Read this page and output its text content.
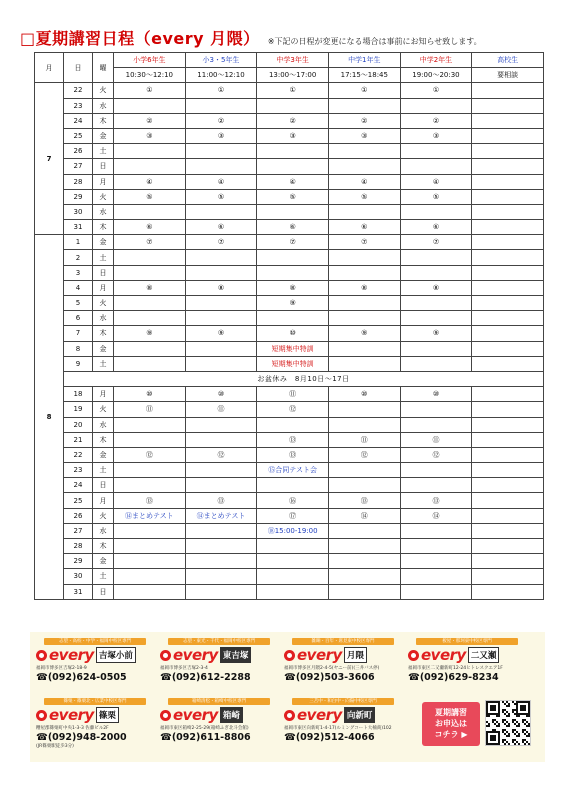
□夏期講習日程（every 月隈） ※下記の日程が変更になる場合は事前にお知らせ致します。
月	日	曜	小学6年生	小3・5年生	中学3年生	中学1年生	中学2年生	高校生
			10:30〜12:10	11:00〜12:10	13:00〜17:00	17:15〜18:45	19:00〜20:30	要相談
7	22	火	①	①	①	①	①	
	23	水						
	24	木	②	②	②	②	②	
	25	金	③	③	③	③	③	
	26	土						
	27	日						
	28	月	④	④	④	④	④	
	29	火	⑤	⑤	⑤	⑤	⑤	
	30	水						
	31	木	⑥	⑥	⑥	⑥	⑥	
8	1	金	⑦	⑦	⑦	⑦	⑦	
	2	土						
	3	日						
	4	月	⑧	⑧	⑧	⑧	⑧	
	5	火			⑨			
	6	水						
	7	木	⑨	⑨	⑩	⑨	⑨	
	8	金			短期集中特訓			
	9	土			短期集中特訓			
	お盆休み　8月10日〜17日							
	18	月	⑩	⑩	⑪	⑩	⑩	
	19	火	⑪	⑪	⑫			
	20	水						
	21	木			⑬	⑪	⑪	
	22	金	⑫	⑫	⑬	⑫	⑫	
	23	土			⑮合同テスト会			
	24	日						
	25	月	⑬	⑬	⑯	⑬	⑬	
	26	火	⑭まとめテスト	⑭まとめテスト	⑰	⑭	⑭	
	27	水			⑱15:00-19:00			
	28	木						
	29	金						
	30	土						
	31	日						
志望・高校・中学・福岡中校区専門
every 吉塚小前
福岡市博多区吉塚2-18-9
☎(092)624-0505
志望・東光・千代・福岡中校区専門
every 東吉塚
福岡市博多区吉塚2-3-4
☎(092)612-2288
雑餉・百年・席見東中校区専門
every 月隈
福岡市博多区月隈2-4-5(ヤニー前)(三井バス停)
☎(092)503-3606
板屋・那珂東中校区専門
every 二又瀬
福岡市東区二又瀬新町12-24ヒトレスクエア1F
☎(092)629-8234
篠栗・篠栗北・広業中校区専門
every 篠栗
糟屋郡篠栗町中央1-3-3 佐藤ビル2F
☎(092)948-2000
(JR篠栗駅徒歩3分)
箱崎清松・箱崎中校区専門
every 箱崎
福岡市東区箱崎2-25-29(箱崎ふぎ北斗会館)
☎(092)611-8806
三苫中・和白中・向陽中校区専門
every 向新町
福岡市東区向新町1-4-17(ルミングコート大楠商)102
☎(092)512-4066
夏期講習
お申込は
コチラ ▶
